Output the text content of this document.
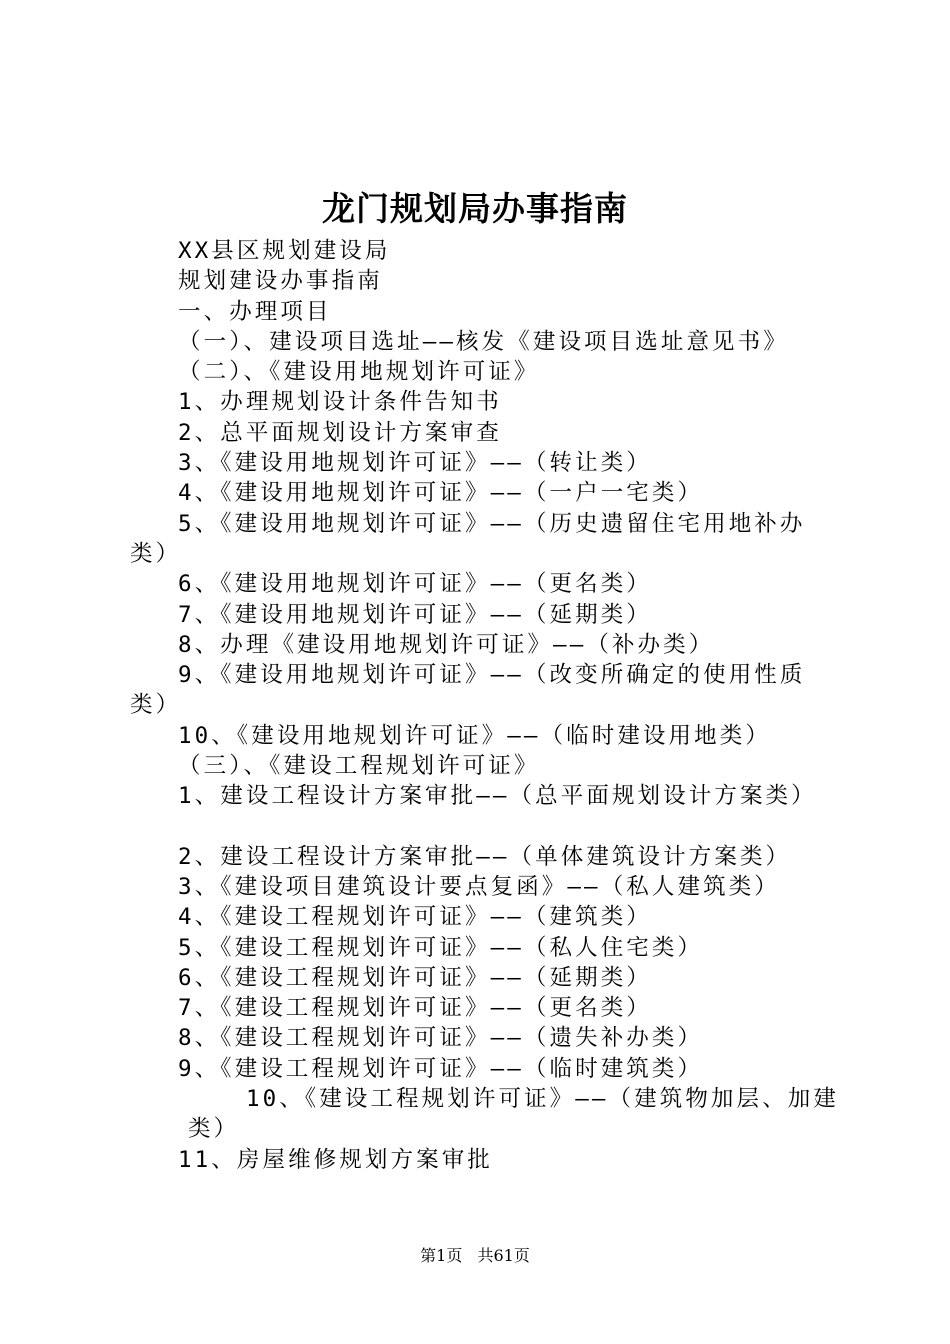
龙门规划局办事指南
XX县区规划建设局
规划建设办事指南
一、办理项目
（一）、建设项目选址——核发《建设项目选址意见书》
（二）、《建设用地规划许可证》
1、办理规划设计条件告知书
2、总平面规划设计方案审查
3、《建设用地规划许可证》——（转让类）
4、《建设用地规划许可证》——（一户一宅类）
5、《建设用地规划许可证》——（历史遗留住宅用地补办类）
6、《建设用地规划许可证》——（更名类）
7、《建设用地规划许可证》——（延期类）
8、办理《建设用地规划许可证》——（补办类）
9、《建设用地规划许可证》——（改变所确定的使用性质类）
10、《建设用地规划许可证》——（临时建设用地类）
（三）、《建设工程规划许可证》
1、建设工程设计方案审批——（总平面规划设计方案类）
2、建设工程设计方案审批——（单体建筑设计方案类）
3、《建设项目建筑设计要点复函》——（私人建筑类）
4、《建设工程规划许可证》——（建筑类）
5、《建设工程规划许可证》——（私人住宅类）
6、《建设工程规划许可证》——（延期类）
7、《建设工程规划许可证》——（更名类）
8、《建设工程规划许可证》——（遗失补办类）
9、《建设工程规划许可证》——（临时建筑类）
10、《建设工程规划许可证》——（建筑物加层、加建类）
11、房屋维修规划方案审批
第1页 共61页
